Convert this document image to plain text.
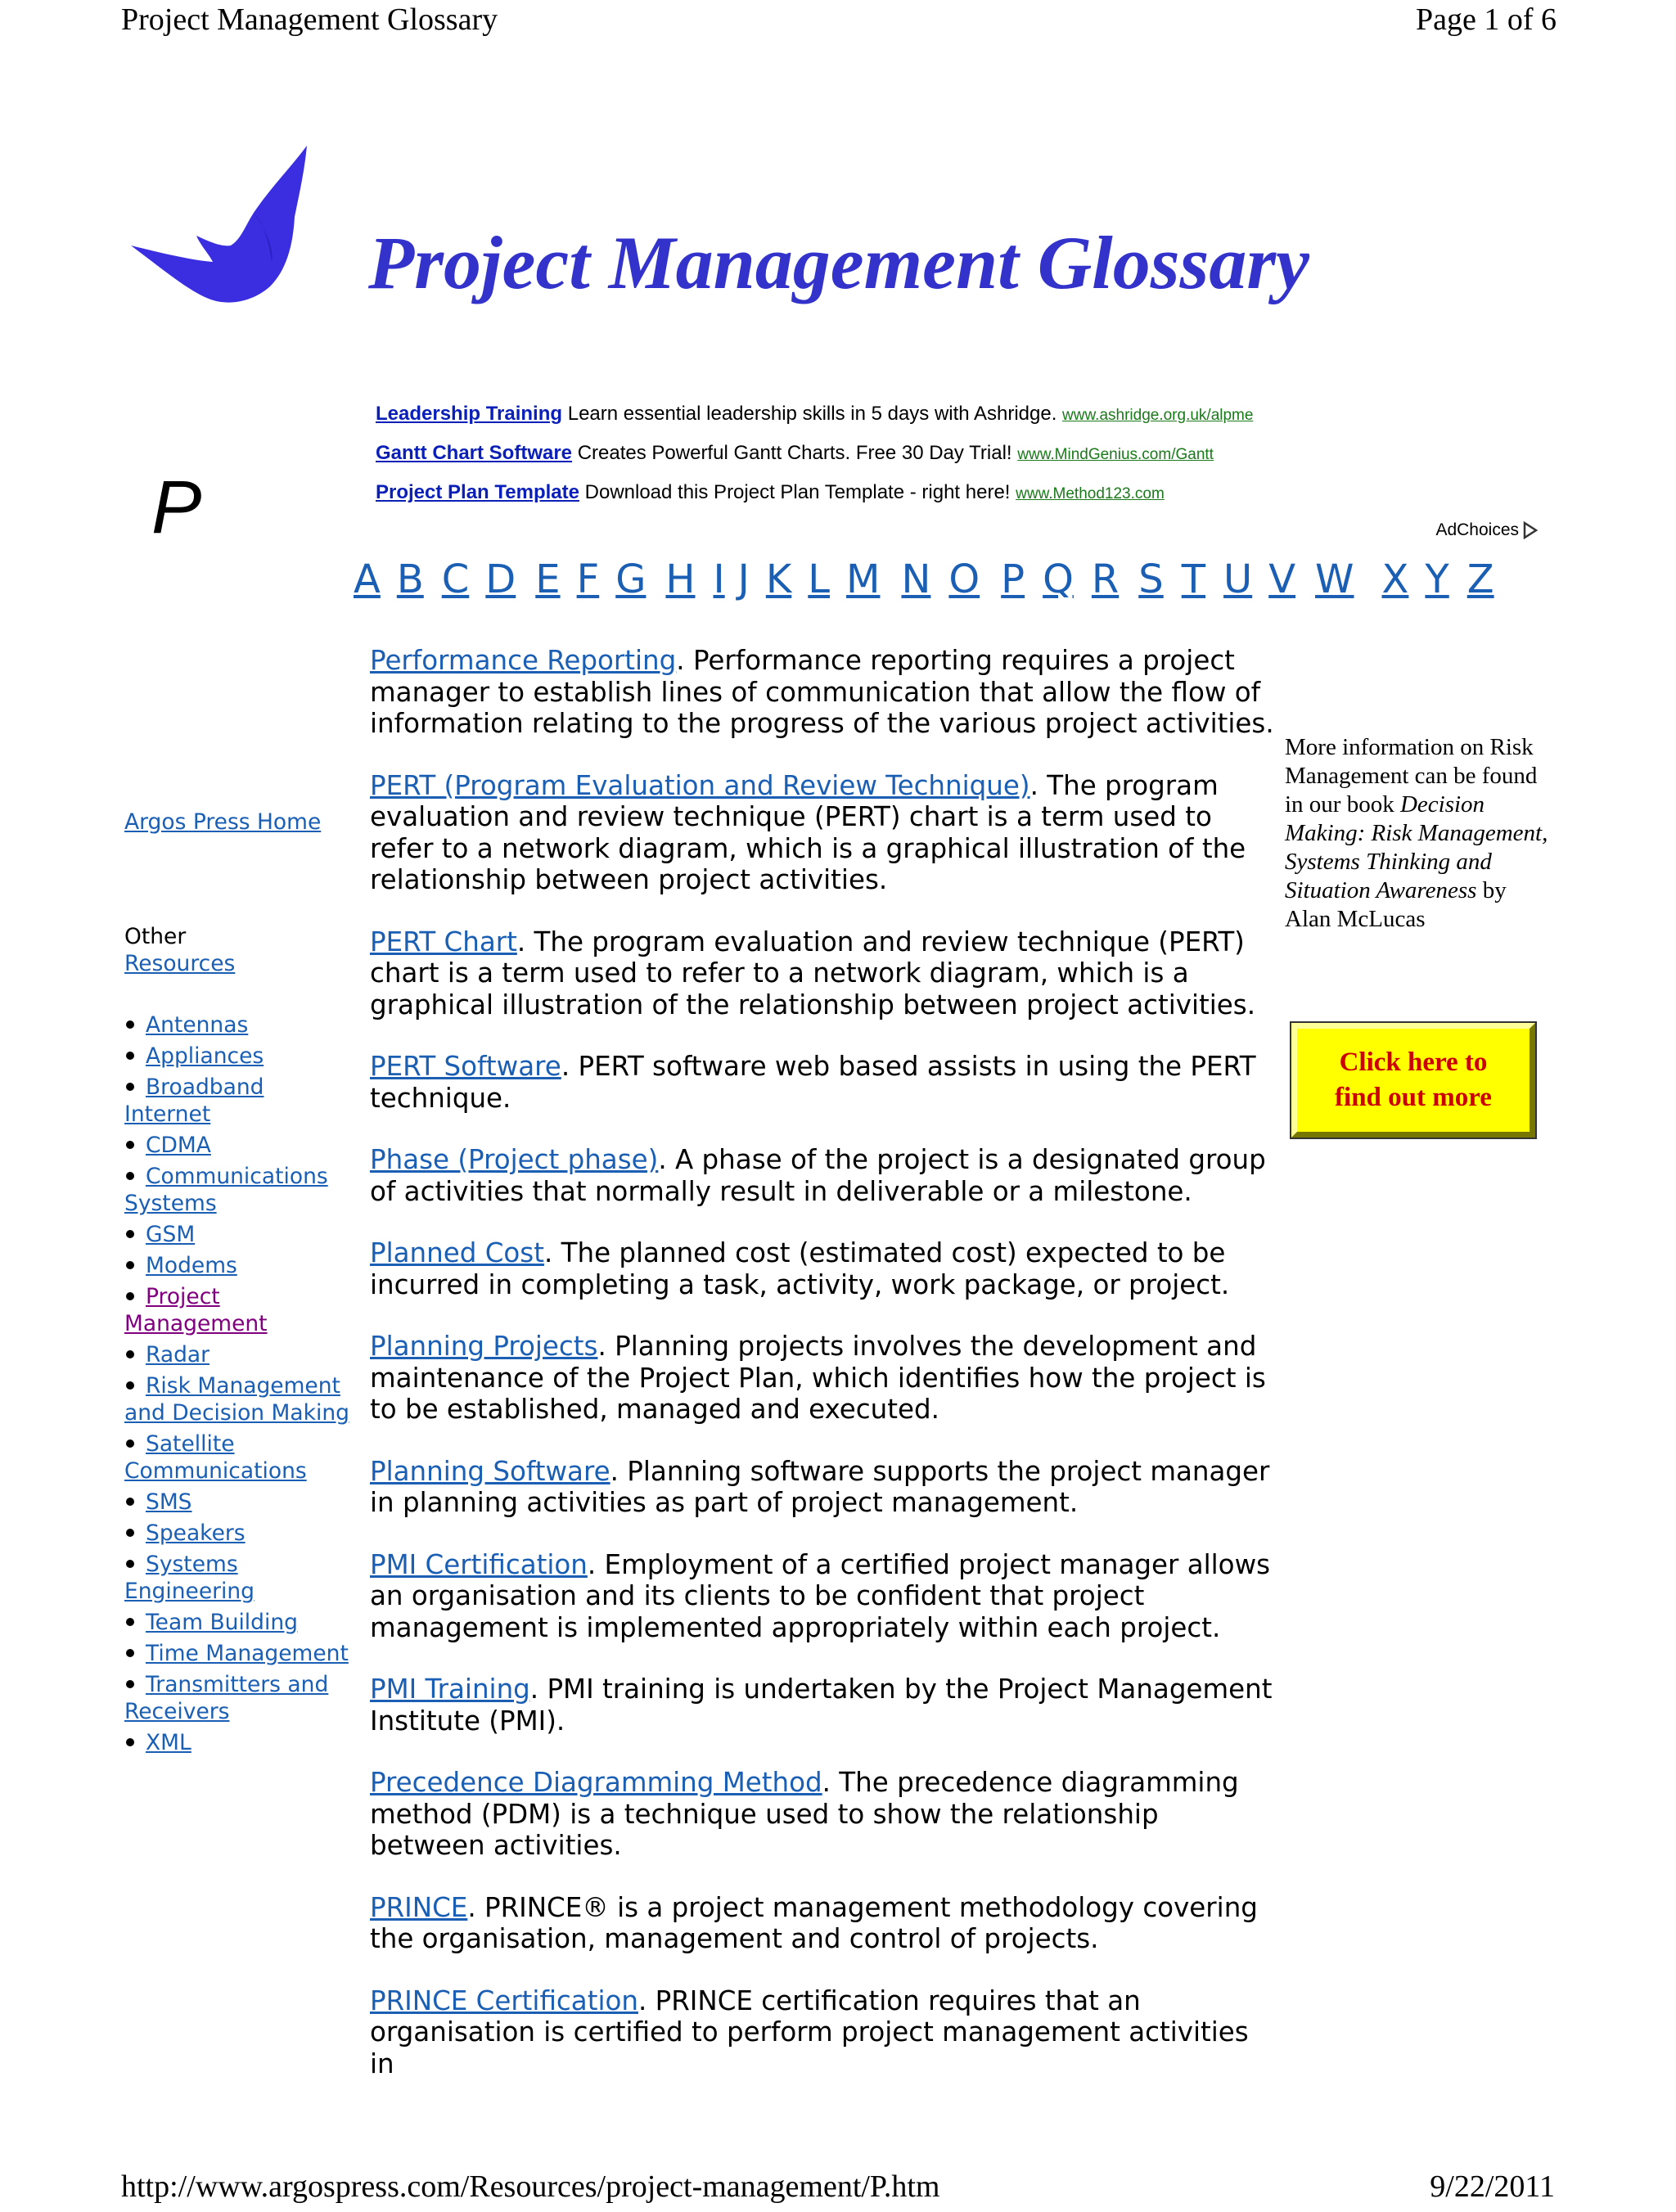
Project Management Glossary	Page 1 of 6
Project Management Glossary
P
Leadership Training Learn essential leadership skills in 5 days with Ashridge. www.ashridge.org.uk/alpme
Gantt Chart Software Creates Powerful Gantt Charts. Free 30 Day Trial! www.MindGenius.com/Gantt
Project Plan Template Download this Project Plan Template - right here! www.Method123.com
AdChoices
A B C D E F G H I J K L M N O P Q R S T U V W X Y Z

Performance Reporting. Performance reporting requires a project manager to establish lines of communication that allow the flow of information relating to the progress of the various project activities.

PERT (Program Evaluation and Review Technique). The program evaluation and review technique (PERT) chart is a term used to refer to a network diagram, which is a graphical illustration of the relationship between project activities.

PERT Chart. The program evaluation and review technique (PERT) chart is a term used to refer to a network diagram, which is a graphical illustration of the relationship between project activities.

PERT Software. PERT software web based assists in using the PERT technique.

Phase (Project phase). A phase of the project is a designated group of activities that normally result in deliverable or a milestone.

Planned Cost. The planned cost (estimated cost) expected to be incurred in completing a task, activity, work package, or project.

Planning Projects. Planning projects involves the development and maintenance of the Project Plan, which identifies how the project is to be established, managed and executed.

Planning Software. Planning software supports the project manager in planning activities as part of project management.

PMI Certification. Employment of a certified project manager allows an organisation and its clients to be confident that project management is implemented appropriately within each project.

PMI Training. PMI training is undertaken by the Project Management Institute (PMI).

Precedence Diagramming Method. The precedence diagramming method (PDM) is a technique used to show the relationship between activities.

PRINCE. PRINCE® is a project management methodology covering the organisation, management and control of projects.

PRINCE Certification. PRINCE certification requires that an organisation is certified to perform project management activities in

Argos Press Home
Other
Resources
Antennas
Appliances
Broadband Internet
CDMA
Communications Systems
GSM
Modems
Project Management
Radar
Risk Management and Decision Making
Satellite Communications
SMS
Speakers
Systems Engineering
Team Building
Time Management
Transmitters and Receivers
XML
More information on Risk Management can be found in our book Decision Making: Risk Management, Systems Thinking and Situation Awareness by Alan McLucas
Click here to
find out more
http://www.argospress.com/Resources/project-management/P.htm	9/22/2011
